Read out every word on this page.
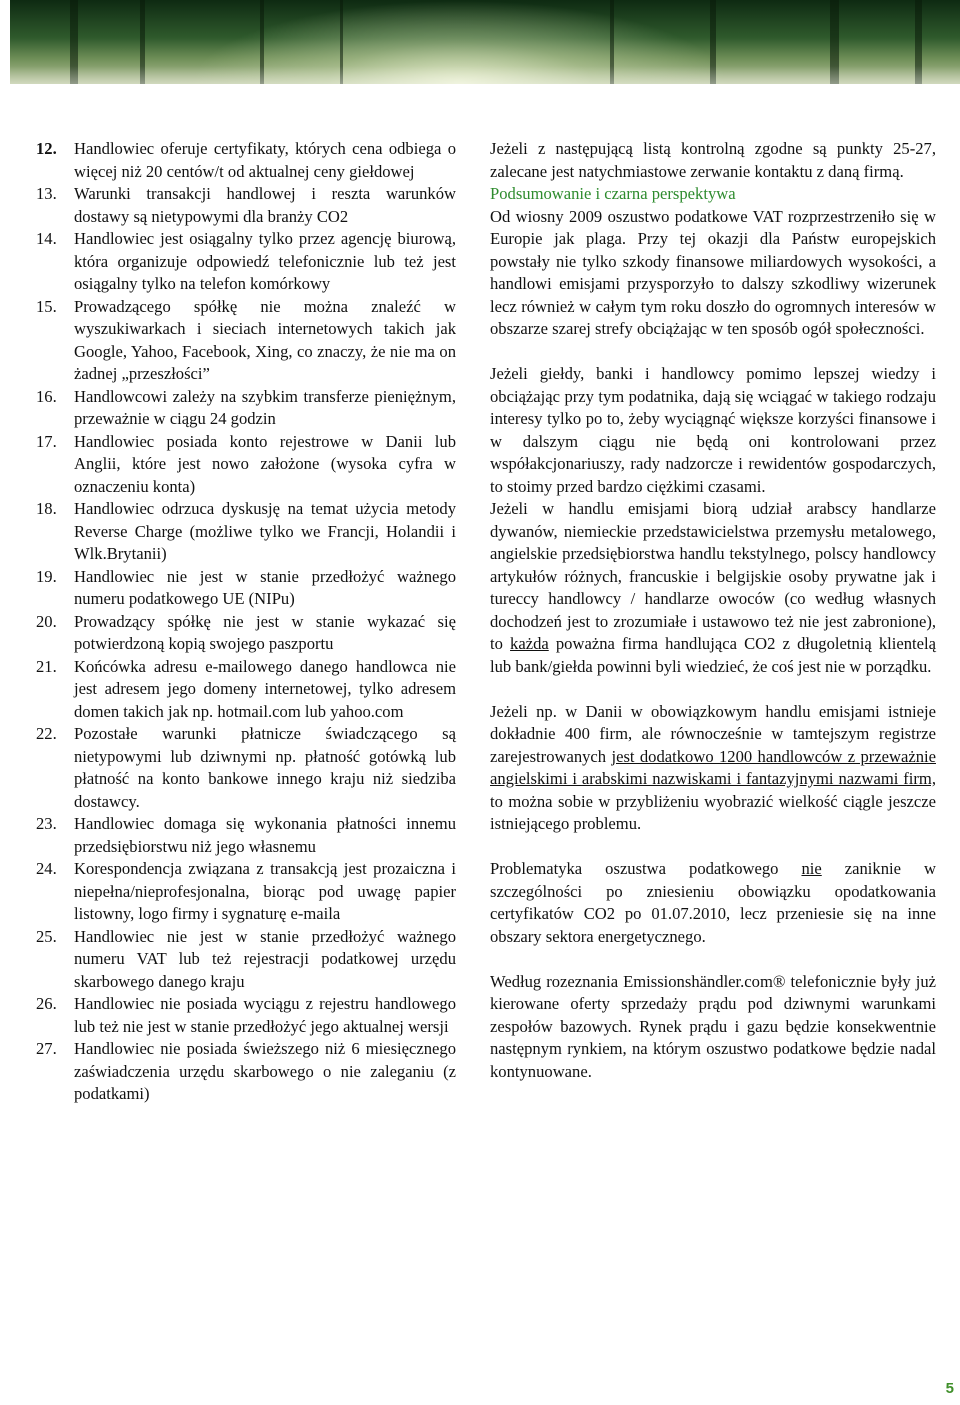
12.	Handlowiec oferuje certyfikaty, których cena odbiega o więcej niż 20 centów/t od aktualnej ceny giełdowej
13.	Warunki transakcji handlowej i reszta warunków dostawy są nietypowymi dla branży CO2
14.	Handlowiec jest osiągalny tylko przez agencję biurową, która organizuje odpowiedź telefonicznie lub też jest osiągalny tylko na telefon komórkowy
15.	Prowadzącego spółkę nie można znaleźć w wyszukiwarkach i sieciach internetowych takich jak Google, Yahoo, Facebook, Xing, co znaczy, że nie ma on żadnej „przeszłości”
16.	Handlowcowi zależy na szybkim transferze pieniężnym, przeważnie w ciągu 24 godzin
17.	Handlowiec posiada konto rejestrowe w Danii lub Anglii, które jest nowo założone (wysoka cyfra w oznaczeniu konta)
18.	Handlowiec odrzuca dyskusję na temat użycia metody Reverse Charge (możliwe tylko we Francji, Holandii i Wlk.Brytanii)
19.	Handlowiec nie jest w stanie przedłożyć ważnego numeru podatkowego UE (NIPu)
20.	Prowadzący spółkę nie jest w stanie wykazać się potwierdzoną kopią swojego paszportu
21.	Końcówka adresu e-mailowego danego handlowca nie jest adresem jego domeny internetowej, tylko adresem domen takich jak np. hotmail.com lub yahoo.com
22.	Pozostałe warunki płatnicze świadczącego są nietypowymi lub dziwnymi np. płatność gotówką lub płatność na konto bankowe innego kraju niż siedziba dostawcy.
23.	Handlowiec domaga się wykonania płatności innemu przedsiębiorstwu niż jego własnemu
24.	Korespondencja związana z transakcją jest prozaiczna i niepełna/nieprofesjonalna, biorąc pod uwagę papier listowny, logo firmy i sygnaturę e-maila
25.	Handlowiec nie jest w stanie przedłożyć ważnego numeru VAT lub też rejestracji podatkowej urzędu skarbowego danego kraju
26.	Handlowiec nie posiada wyciągu z rejestru handlowego lub też nie jest w stanie przedłożyć jego aktualnej wersji
27.	Handlowiec nie posiada świeższego niż 6 miesięcznego zaświadczenia urzędu skarbowego o nie zaleganiu (z podatkami)

Jeżeli z następującą listą kontrolną zgodne są punkty 25-27, zalecane jest natychmiastowe zerwanie kontaktu z daną firmą.

Podsumowanie i czarna perspektywa

Od wiosny 2009 oszustwo podatkowe VAT rozprzestrzeniło się w Europie jak plaga. Przy tej okazji dla Państw europejskich powstały nie tylko szkody finansowe miliardowych wysokości, a handlowi emisjami przysporzyło to dalszy szkodliwy wizerunek lecz również w całym tym roku doszło do ogromnych interesów w obszarze szarej strefy obciążając w ten sposób ogół społeczności.

Jeżeli giełdy, banki i handlowcy pomimo lepszej wiedzy i obciążając przy tym podatnika, dają się wciągać w takiego rodzaju interesy tylko po to, żeby wyciągnąć większe korzyści finansowe i w dalszym ciągu nie będą oni kontrolowani przez współakcjonariuszy, rady nadzorcze i rewidentów gospodarczych, to stoimy przed bardzo ciężkimi czasami.

Jeżeli w handlu emisjami biorą udział arabscy handlarze dywanów, niemieckie przedstawicielstwa przemysłu metalowego, angielskie przedsiębiorstwa handlu tekstylnego, polscy handlowcy artykułów różnych, francuskie i belgijskie osoby prywatne jak i tureccy handlowcy / handlarze owoców (co według własnych dochodzeń jest to zrozumiałe i ustawowo też nie jest zabronione), to każda poważna firma handlująca CO2 z długoletnią klientelą lub bank/giełda powinni byli wiedzieć, że coś jest nie w porządku.

Jeżeli np. w Danii w obowiązkowym handlu emisjami istnieje dokładnie 400 firm, ale równocześnie w tamtejszym registrze zarejestrowanych jest dodatkowo 1200 handlowców z przeważnie angielskimi i arabskimi nazwiskami i fantazyjnymi nazwami firm, to można sobie w przybliżeniu wyobrazić wielkość ciągle jeszcze istniejącego problemu.

Problematyka oszustwa podatkowego nie zaniknie w szczególności po zniesieniu obowiązku opodatkowania certyfikatów CO2 po 01.07.2010, lecz przeniesie się na inne obszary sektora energetycznego.

Według rozeznania Emissionshändler.com® telefonicznie były już kierowane oferty sprzedaży prądu pod dziwnymi warunkami zespołów bazowych. Rynek prądu i gazu będzie konsekwentnie następnym rynkiem, na którym oszustwo podatkowe będzie nadal kontynuowane.

5
